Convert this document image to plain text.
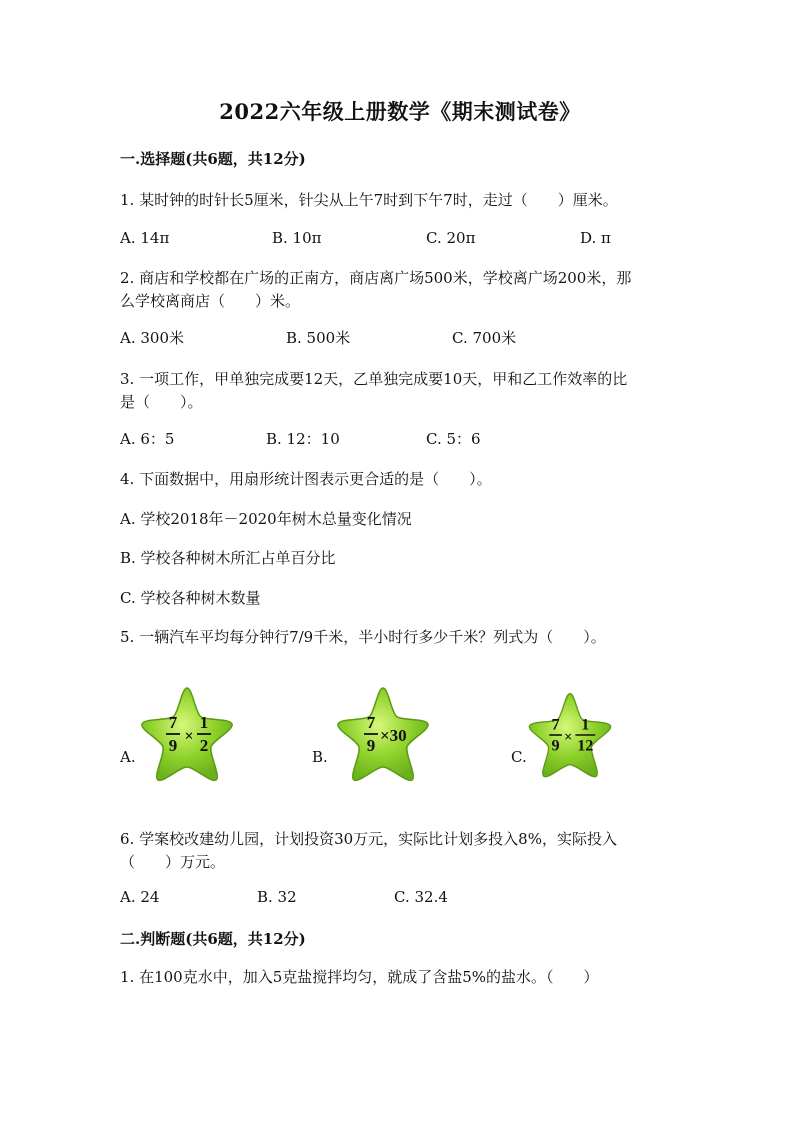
2022六年级上册数学《期末测试卷》
一.选择题(共6题，共12分)
1. 某时钟的时针长5厘米，针尖从上午7时到下午7时，走过（　　）厘米。
A. 14π	B. 10π	C. 20π	D. π
2. 商店和学校都在广场的正南方，商店离广场500米，学校离广场200米，那
么学校离商店（　　）米。
A. 300米	B. 500米	C. 700米
3. 一项工作，甲单独完成要12天，乙单独完成要10天，甲和乙工作效率的比
是（　　）。
A. 6：5	B. 12：10	C. 5：6
4. 下面数据中，用扇形统计图表示更合适的是（　　）。
A. 学校2018年－2020年树木总量变化情况
B. 学校各种树木所汇占单百分比
C. 学校各种树木数量
5. 一辆汽车平均每分钟行7/9千米，半小时行多少千米？列式为（　　）。
A.
7
9 ×
1
2
B.
7
9
×30
C.
7
9 ×
1
12
6. 学案校改建幼儿园，计划投资30万元，实际比计划多投入8%，实际投入
（　　）万元。
A. 24	B. 32	C. 32.4
二.判断题(共6题，共12分)
1. 在100克水中，加入5克盐搅拌均匀，就成了含盐5%的盐水。（　　）
